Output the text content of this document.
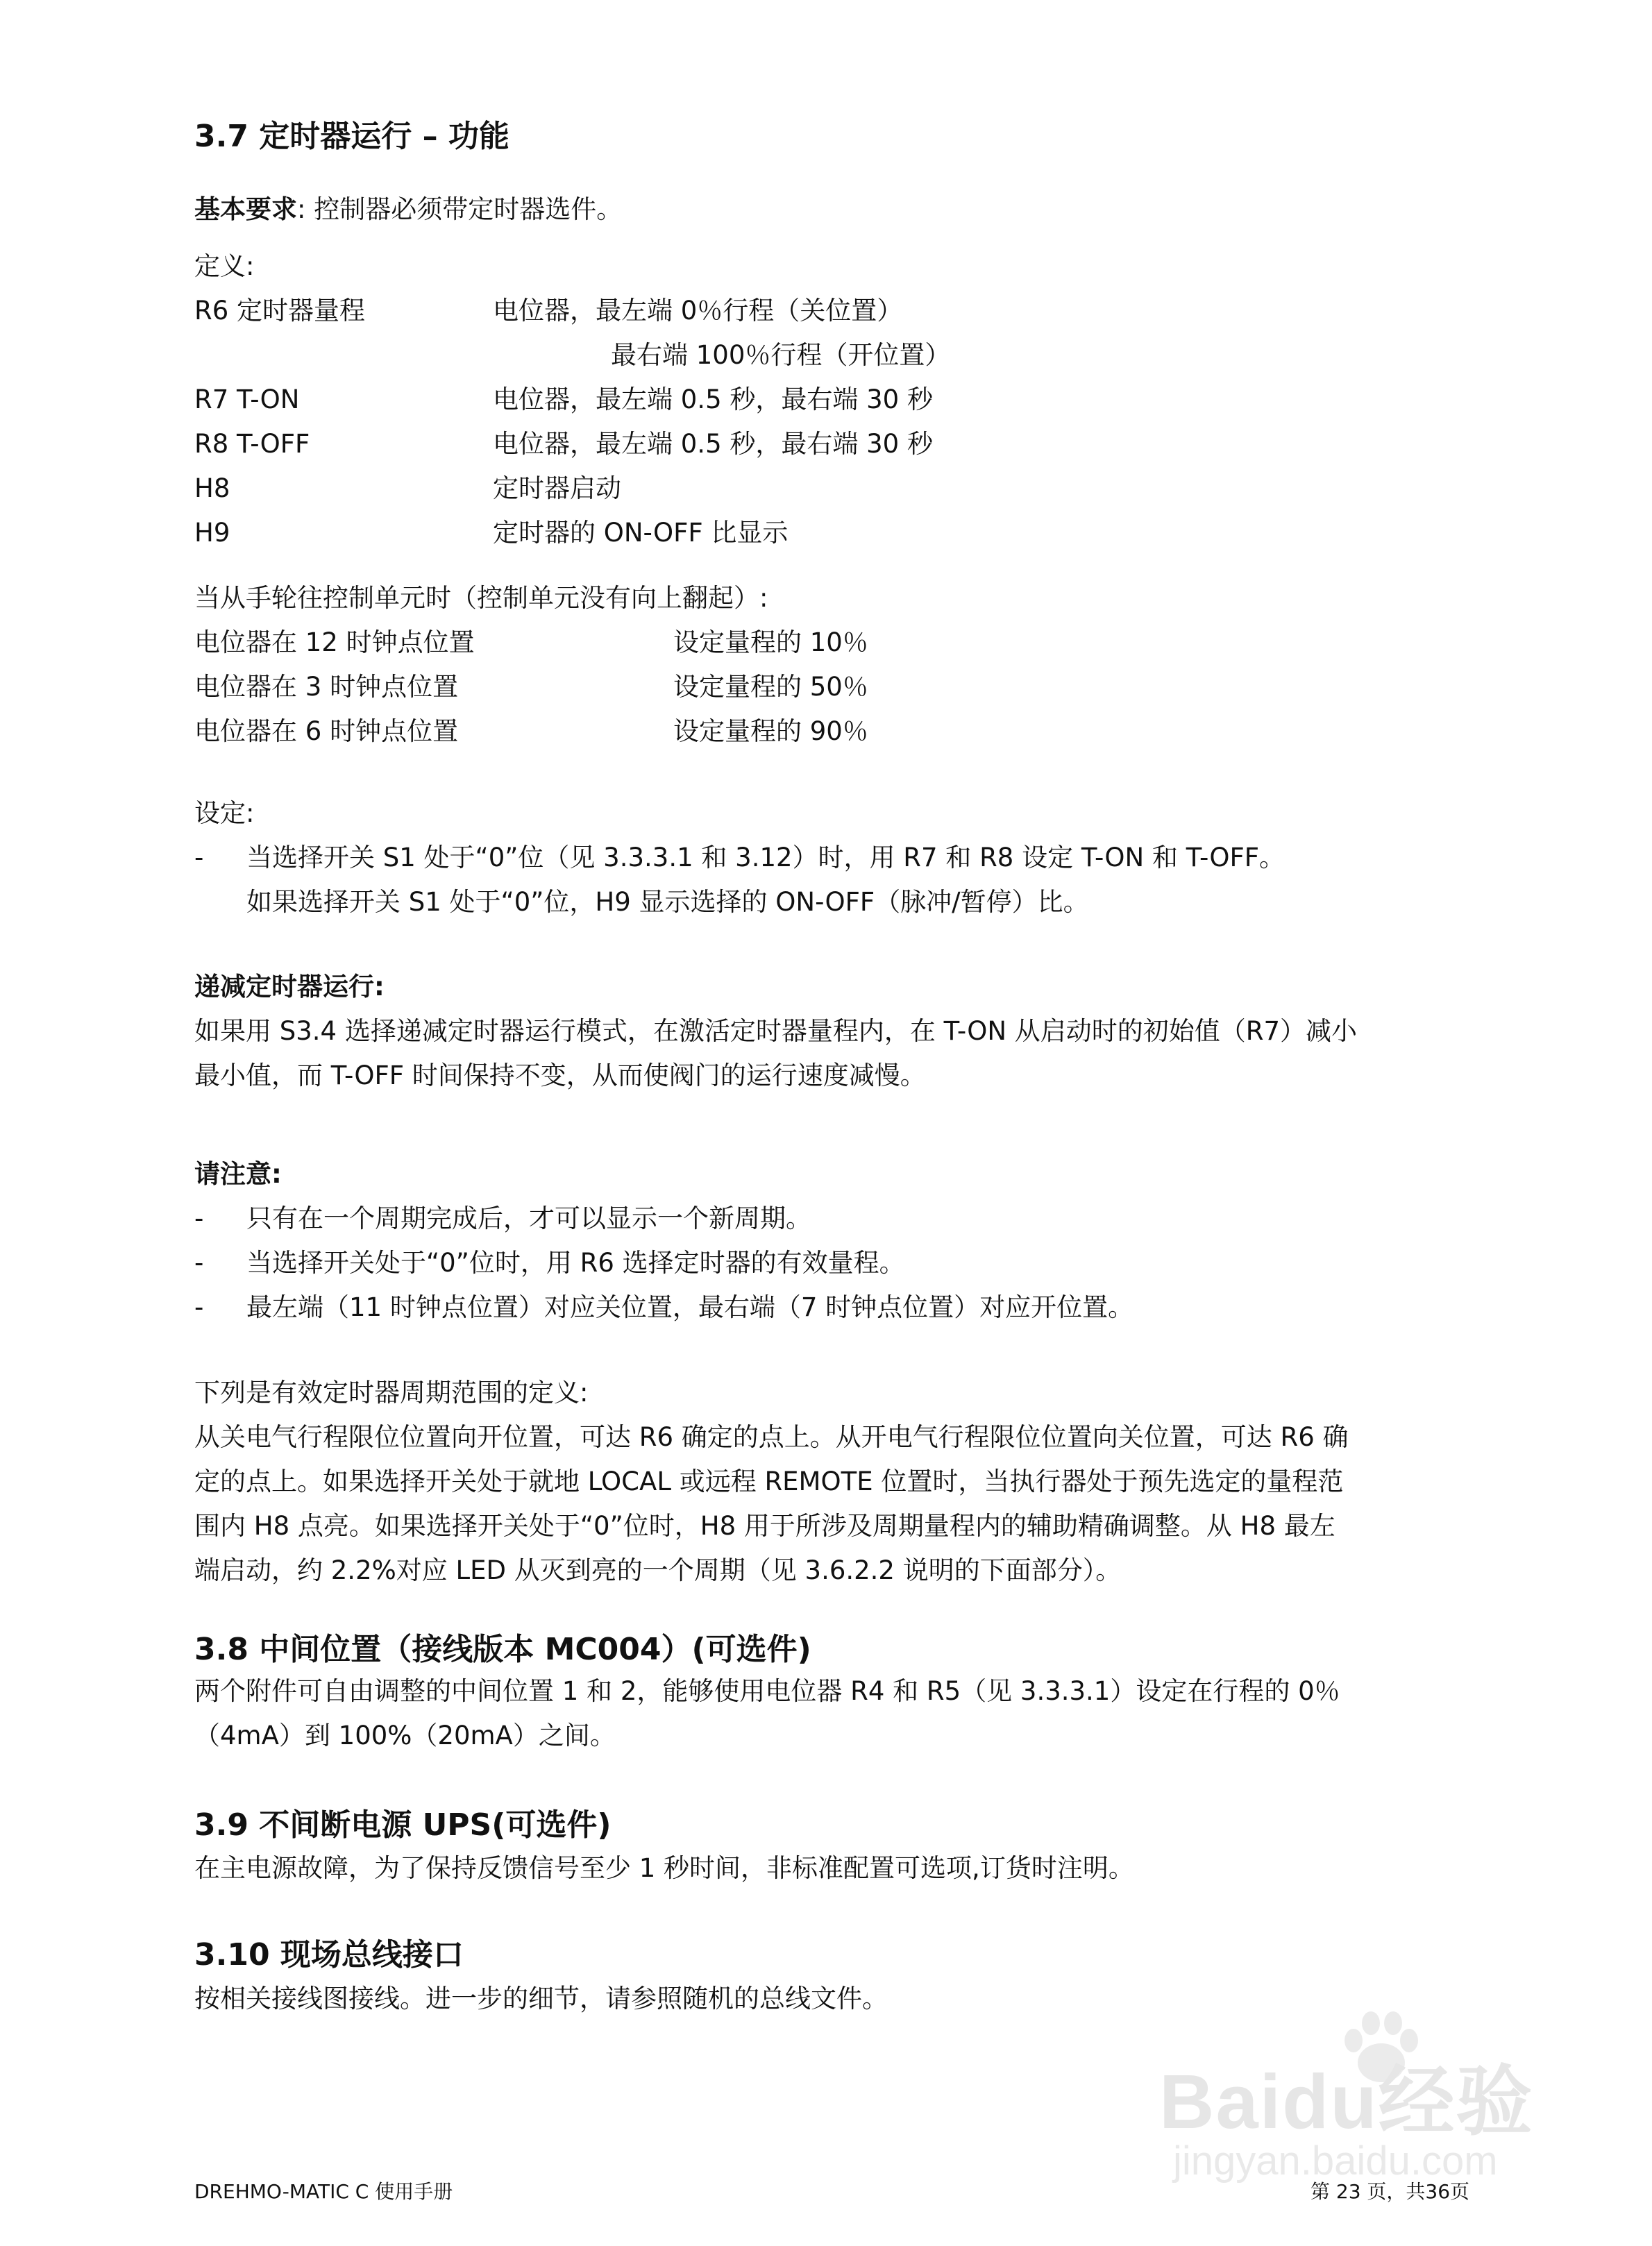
3.7 定时器运行 – 功能
基本要求: 控制器必须带定时器选件。
定义:
R6 定时器量程	电位器，最左端 0％行程（关位置）
最右端 100％行程（开位置）
R7 T-ON	电位器，最左端 0.5 秒，最右端 30 秒
R8 T-OFF	电位器，最左端 0.5 秒，最右端 30 秒
H8	定时器启动
H9	定时器的 ON-OFF 比显示
当从手轮往控制单元时（控制单元没有向上翻起）:
电位器在 12 时钟点位置	设定量程的 10％
电位器在 3 时钟点位置	设定量程的 50％
电位器在 6 时钟点位置	设定量程的 90％
设定:
- 当选择开关 S1 处于“0”位（见 3.3.3.1 和 3.12）时，用 R7 和 R8 设定 T-ON 和 T-OFF。
如果选择开关 S1 处于“0”位，H9 显示选择的 ON-OFF（脉冲/暂停）比。
递减定时器运行:
如果用 S3.4 选择递减定时器运行模式，在激活定时器量程内，在 T-ON 从启动时的初始值（R7）减小
最小值，而 T-OFF 时间保持不变，从而使阀门的运行速度减慢。
请注意:
- 只有在一个周期完成后，才可以显示一个新周期。
- 当选择开关处于“0”位时，用 R6 选择定时器的有效量程。
- 最左端（11 时钟点位置）对应关位置，最右端（7 时钟点位置）对应开位置。
下列是有效定时器周期范围的定义:
从关电气行程限位位置向开位置，可达 R6 确定的点上。从开电气行程限位位置向关位置，可达 R6 确
定的点上。如果选择开关处于就地 LOCAL 或远程 REMOTE 位置时，当执行器处于预先选定的量程范
围内 H8 点亮。如果选择开关处于“0”位时，H8 用于所涉及周期量程内的辅助精确调整。从 H8 最左
端启动，约 2.2%对应 LED 从灭到亮的一个周期（见 3.6.2.2 说明的下面部分）。
3.8 中间位置（接线版本 MC004）(可选件)
两个附件可自由调整的中间位置 1 和 2，能够使用电位器 R4 和 R5（见 3.3.3.1）设定在行程的 0％
（4mA）到 100%（20mA）之间。
3.9 不间断电源 UPS(可选件)
在主电源故障，为了保持反馈信号至少 1 秒时间，非标准配置可选项,订货时注明。
3.10 现场总线接口
按相关接线图接线。进一步的细节，请参照随机的总线文件。
Baidu经验
jingyan.baidu.com
DREHMO-MATIC C 使用手册	第 23 页，共36页
